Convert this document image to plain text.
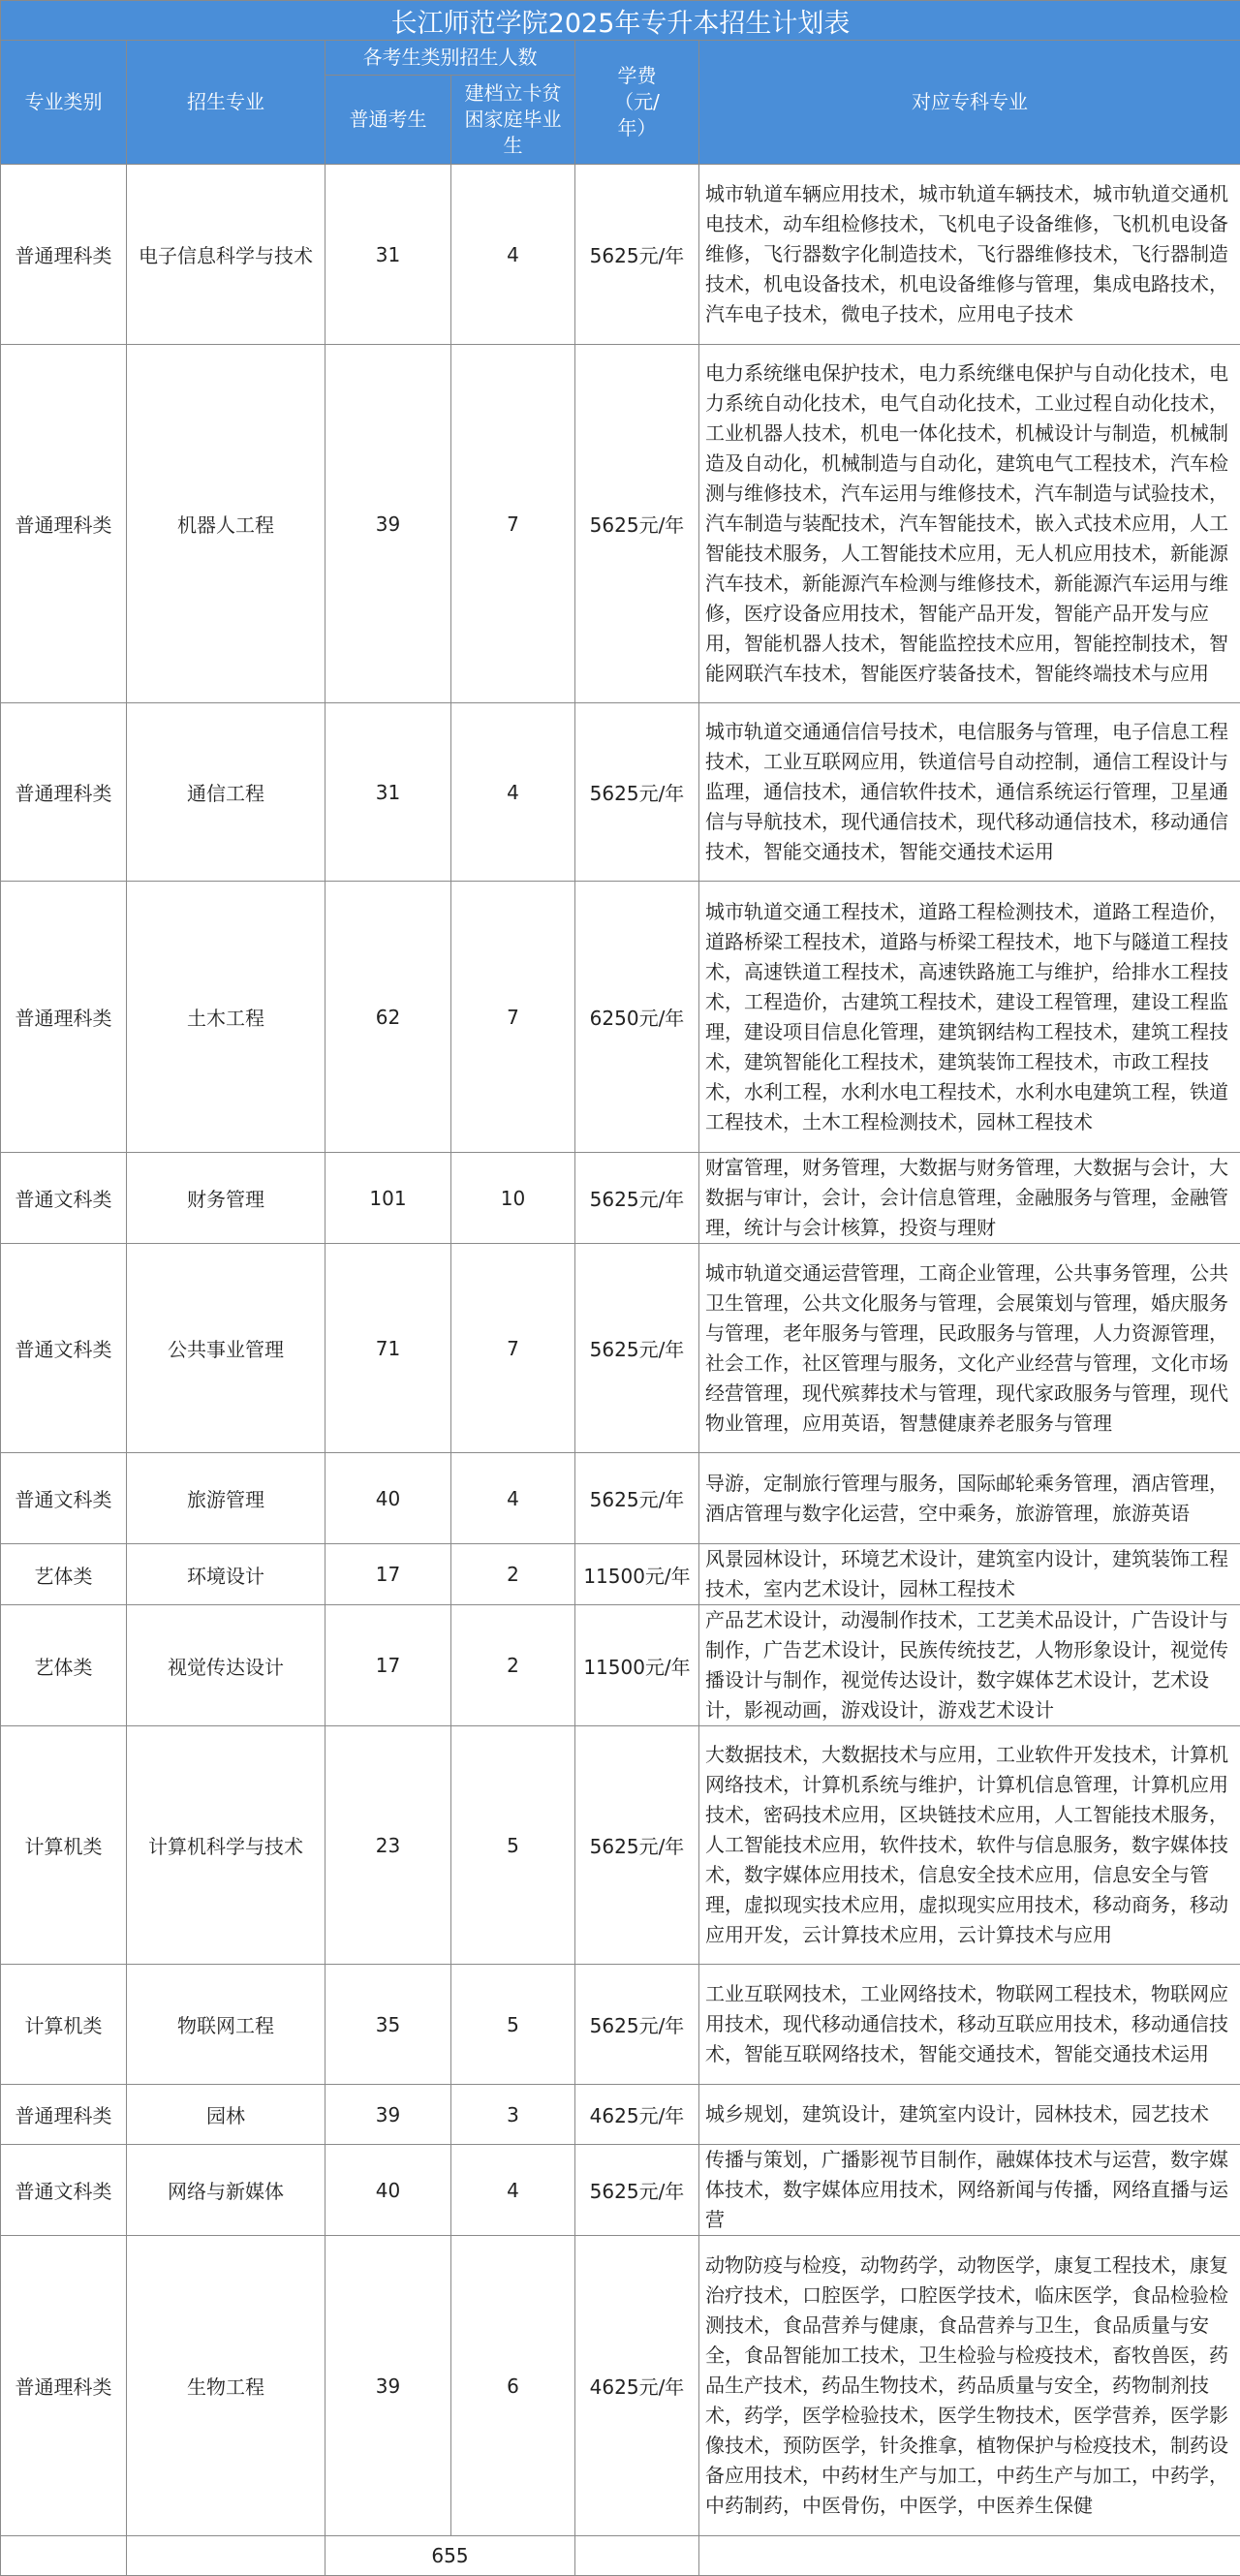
长江师范学院2025年专升本招生计划表					
专业类别	招生专业	各考生类别招生人数		学费（元/年）	对应专科专业
		普通考生	建档立卡贫困家庭毕业生		
普通理科类	电子信息科学与技术	31	4	5625元/年	城市轨道车辆应用技术，城市轨道车辆技术，城市轨道交通机电技术，动车组检修技术，飞机电子设备维修，飞机机电设备维修，飞行器数字化制造技术，飞行器维修技术，飞行器制造技术，机电设备技术，机电设备维修与管理，集成电路技术，汽车电子技术，微电子技术，应用电子技术
普通理科类	机器人工程	39	7	5625元/年	电力系统继电保护技术，电力系统继电保护与自动化技术，电力系统自动化技术，电气自动化技术，工业过程自动化技术，工业机器人技术，机电一体化技术，机械设计与制造，机械制造及自动化，机械制造与自动化，建筑电气工程技术，汽车检测与维修技术，汽车运用与维修技术，汽车制造与试验技术，汽车制造与装配技术，汽车智能技术，嵌入式技术应用，人工智能技术服务，人工智能技术应用，无人机应用技术，新能源汽车技术，新能源汽车检测与维修技术，新能源汽车运用与维修，医疗设备应用技术，智能产品开发，智能产品开发与应用，智能机器人技术，智能监控技术应用，智能控制技术，智能网联汽车技术，智能医疗装备技术，智能终端技术与应用
普通理科类	通信工程	31	4	5625元/年	城市轨道交通通信信号技术，电信服务与管理，电子信息工程技术，工业互联网应用，铁道信号自动控制，通信工程设计与监理，通信技术，通信软件技术，通信系统运行管理，卫星通信与导航技术，现代通信技术，现代移动通信技术，移动通信技术，智能交通技术，智能交通技术运用
普通理科类	土木工程	62	7	6250元/年	城市轨道交通工程技术，道路工程检测技术，道路工程造价，道路桥梁工程技术，道路与桥梁工程技术，地下与隧道工程技术，高速铁道工程技术，高速铁路施工与维护，给排水工程技术，工程造价，古建筑工程技术，建设工程管理，建设工程监理，建设项目信息化管理，建筑钢结构工程技术，建筑工程技术，建筑智能化工程技术，建筑装饰工程技术，市政工程技术，水利工程，水利水电工程技术，水利水电建筑工程，铁道工程技术，土木工程检测技术，园林工程技术
普通文科类	财务管理	101	10	5625元/年	财富管理，财务管理，大数据与财务管理，大数据与会计，大数据与审计，会计，会计信息管理，金融服务与管理，金融管理，统计与会计核算，投资与理财
普通文科类	公共事业管理	71	7	5625元/年	城市轨道交通运营管理，工商企业管理，公共事务管理，公共卫生管理，公共文化服务与管理，会展策划与管理，婚庆服务与管理，老年服务与管理，民政服务与管理，人力资源管理，社会工作，社区管理与服务，文化产业经营与管理，文化市场经营管理，现代殡葬技术与管理，现代家政服务与管理，现代物业管理，应用英语，智慧健康养老服务与管理
普通文科类	旅游管理	40	4	5625元/年	导游，定制旅行管理与服务，国际邮轮乘务管理，酒店管理，酒店管理与数字化运营，空中乘务，旅游管理，旅游英语
艺体类	环境设计	17	2	11500元/年	风景园林设计，环境艺术设计，建筑室内设计，建筑装饰工程技术，室内艺术设计，园林工程技术
艺体类	视觉传达设计	17	2	11500元/年	产品艺术设计，动漫制作技术，工艺美术品设计，广告设计与制作，广告艺术设计，民族传统技艺，人物形象设计，视觉传播设计与制作，视觉传达设计，数字媒体艺术设计，艺术设计，影视动画，游戏设计，游戏艺术设计
计算机类	计算机科学与技术	23	5	5625元/年	大数据技术，大数据技术与应用，工业软件开发技术，计算机网络技术，计算机系统与维护，计算机信息管理，计算机应用技术，密码技术应用，区块链技术应用，人工智能技术服务，人工智能技术应用，软件技术，软件与信息服务，数字媒体技术，数字媒体应用技术，信息安全技术应用，信息安全与管理，虚拟现实技术应用，虚拟现实应用技术，移动商务，移动应用开发，云计算技术应用，云计算技术与应用
计算机类	物联网工程	35	5	5625元/年	工业互联网技术，工业网络技术，物联网工程技术，物联网应用技术，现代移动通信技术，移动互联应用技术，移动通信技术，智能互联网络技术，智能交通技术，智能交通技术运用
普通理科类	园林	39	3	4625元/年	城乡规划，建筑设计，建筑室内设计，园林技术，园艺技术
普通文科类	网络与新媒体	40	4	5625元/年	传播与策划，广播影视节目制作，融媒体技术与运营，数字媒体技术，数字媒体应用技术，网络新闻与传播，网络直播与运营
普通理科类	生物工程	39	6	4625元/年	动物防疫与检疫，动物药学，动物医学，康复工程技术，康复治疗技术，口腔医学，口腔医学技术，临床医学，食品检验检测技术，食品营养与健康，食品营养与卫生，食品质量与安全，食品智能加工技术，卫生检验与检疫技术，畜牧兽医，药品生产技术，药品生物技术，药品质量与安全，药物制剂技术，药学，医学检验技术，医学生物技术，医学营养，医学影像技术，预防医学，针灸推拿，植物保护与检疫技术，制药设备应用技术，中药材生产与加工，中药生产与加工，中药学，中药制药，中医骨伤，中医学，中医养生保健
		655			
